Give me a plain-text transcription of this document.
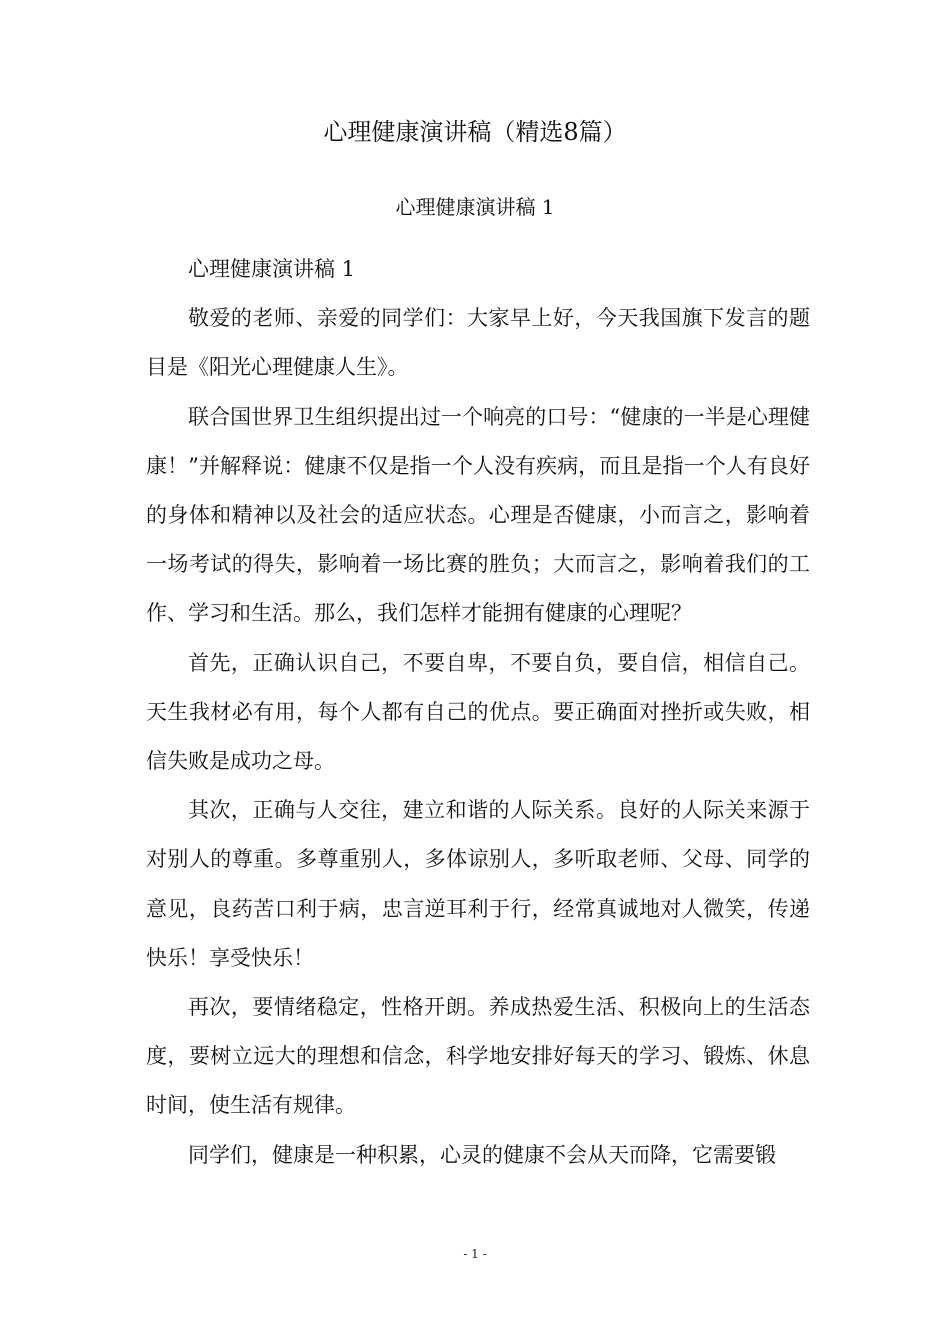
心理健康演讲稿（精选8篇）
心理健康演讲稿 1

心理健康演讲稿 1

敬爱的老师、亲爱的同学们：大家早上好，今天我国旗下发言的题目是《阳光心理健康人生》。

联合国世界卫生组织提出过一个响亮的口号：“健康的一半是心理健康！”并解释说：健康不仅是指一个人没有疾病，而且是指一个人有良好的身体和精神以及社会的适应状态。心理是否健康，小而言之，影响着一场考试的得失，影响着一场比赛的胜负；大而言之，影响着我们的工作、学习和生活。那么，我们怎样才能拥有健康的心理呢？

首先，正确认识自己，不要自卑，不要自负，要自信，相信自己。天生我材必有用，每个人都有自己的优点。要正确面对挫折或失败，相信失败是成功之母。

其次，正确与人交往，建立和谐的人际关系。良好的人际关来源于对别人的尊重。多尊重别人，多体谅别人，多听取老师、父母、同学的意见，良药苦口利于病，忠言逆耳利于行，经常真诚地对人微笑，传递快乐！享受快乐！

再次，要情绪稳定，性格开朗。养成热爱生活、积极向上的生活态度，要树立远大的理想和信念，科学地安排好每天的学习、锻炼、休息时间，使生活有规律。

同学们，健康是一种积累，心灵的健康不会从天而降，它需要锻

- 1 -
